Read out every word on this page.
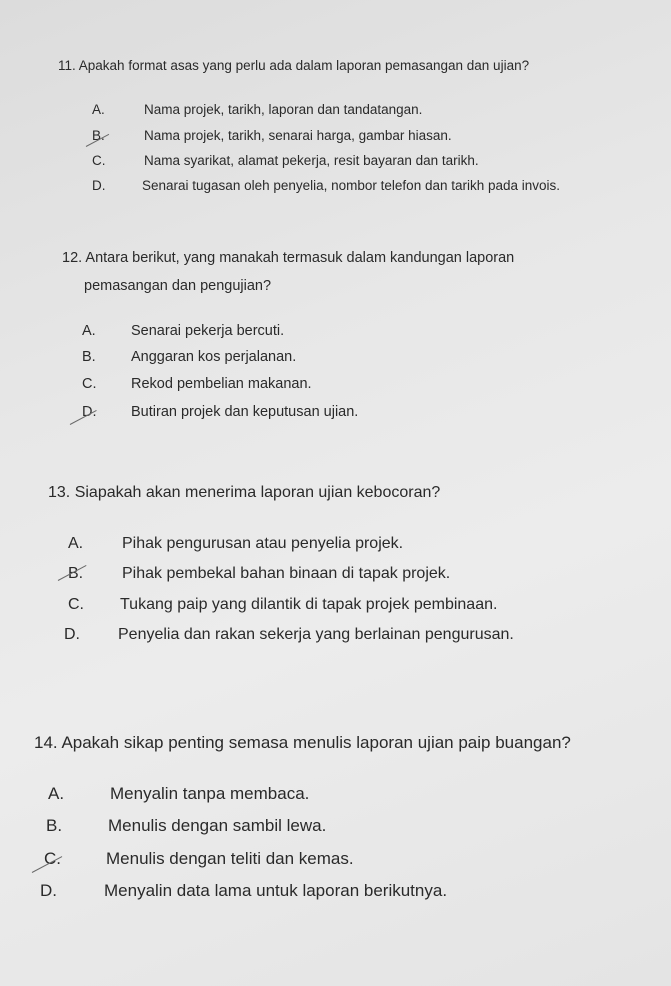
11. Apakah format asas yang perlu ada dalam laporan pemasangan dan ujian?

A.	Nama projek, tarikh, laporan dan tandatangan.
B.	Nama projek, tarikh, senarai harga, gambar hiasan.
C.	Nama syarikat, alamat pekerja, resit bayaran dan tarikh.
D.	Senarai tugasan oleh penyelia, nombor telefon dan tarikh pada invois.

12. Antara berikut, yang manakah termasuk dalam kandungan laporan

pemasangan dan pengujian?

A. Senarai pekerja bercuti.
B. Anggaran kos perjalanan.
C. Rekod pembelian makanan.
D. Butiran projek dan keputusan ujian.

13. Siapakah akan menerima laporan ujian kebocoran?

A. Pihak pengurusan atau penyelia projek.
B. Pihak pembekal bahan binaan di tapak projek.
C. Tukang paip yang dilantik di tapak projek pembinaan.
D. Penyelia dan rakan sekerja yang berlainan pengurusan.

14. Apakah sikap penting semasa menulis laporan ujian paip buangan?

A.	Menyalin tanpa membaca.
B.	Menulis dengan sambil lewa.
C.	Menulis dengan teliti dan kemas.
D.	Menyalin data lama untuk laporan berikutnya.
